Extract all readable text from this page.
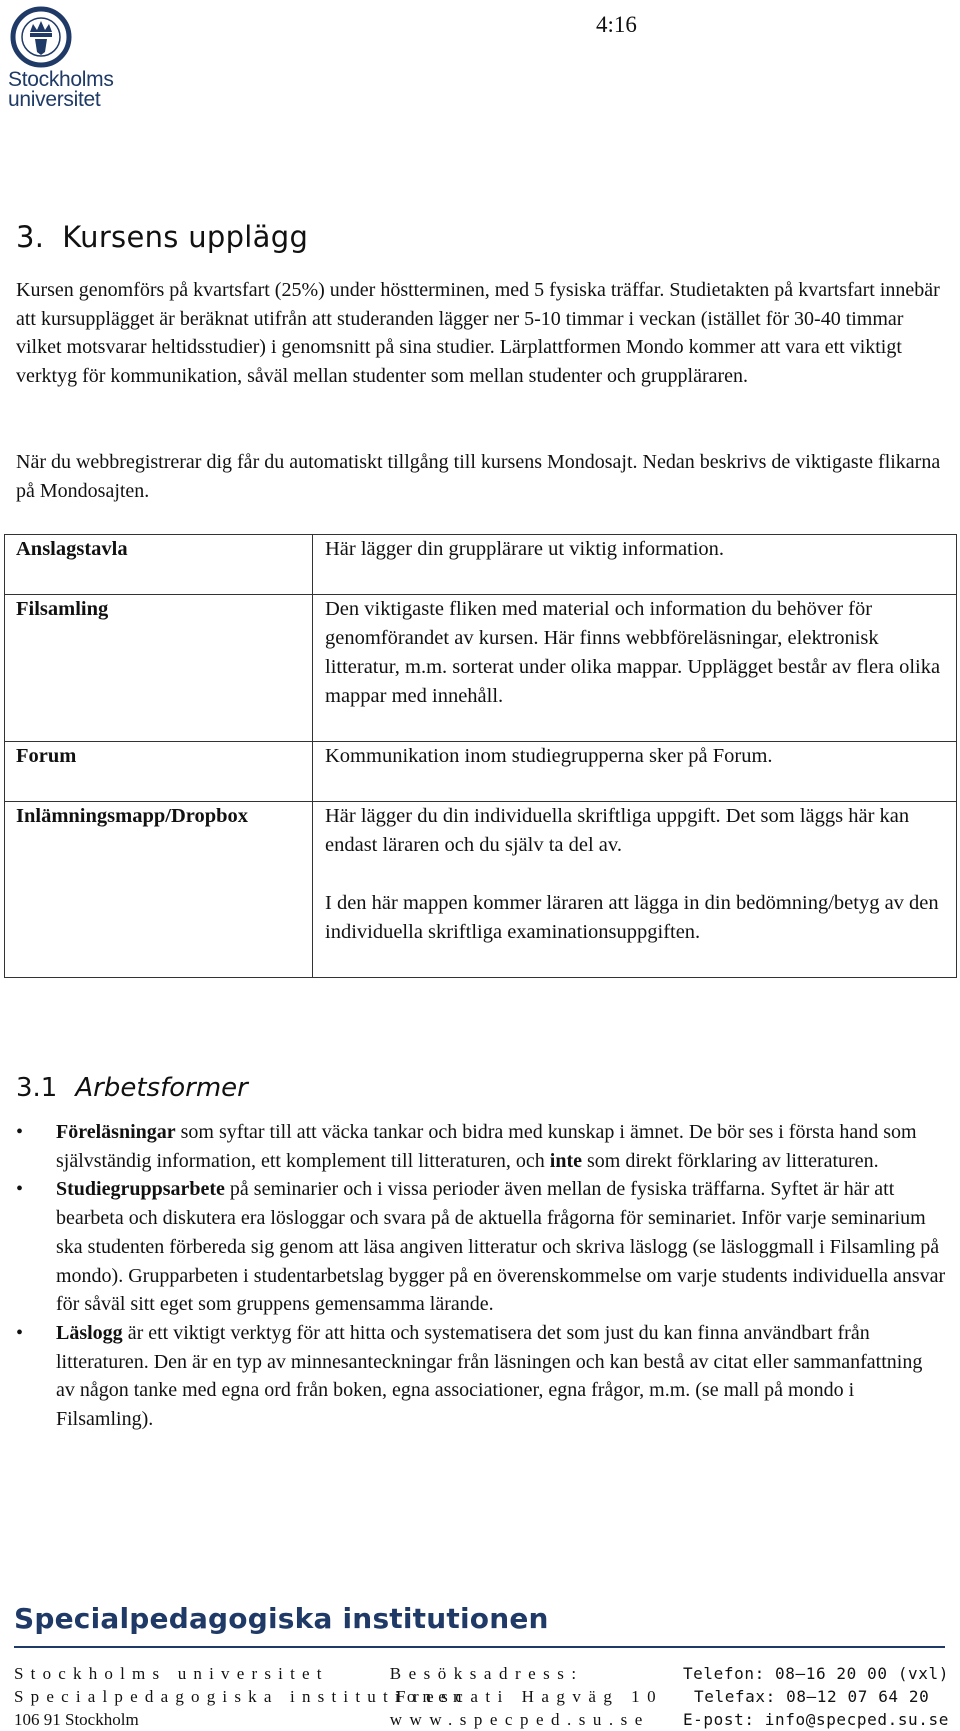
Stockholms
universitet
4:16
3. Kursens upplägg

Kursen genomförs på kvartsfart (25%) under höstterminen, med 5 fysiska träffar. Studietakten på kvartsfart innebär att kursupplägget är beräknat utifrån att studeranden lägger ner 5-10 timmar i veckan (istället för 30-40 timmar vilket motsvarar heltidsstudier) i genomsnitt på sina studier. Lärplattformen Mondo kommer att vara ett viktigt verktyg för kommunikation, såväl mellan studenter som mellan studenter och gruppläraren.

När du webbregistrerar dig får du automatiskt tillgång till kursens Mondosajt. Nedan beskrivs de viktigaste flikarna på Mondosajten.

Anslagstavla	Här lägger din grupplärare ut viktig information.

Filsamling	Den viktigaste fliken med material och information du behöver för genomförandet av kursen. Här finns webbföreläsningar, elektronisk litteratur, m.m. sorterat under olika mappar. Upplägget består av flera olika mappar med innehåll.

Forum	Kommunikation inom studiegrupperna sker på Forum.

Inlämningsmapp/Dropbox	Här lägger du din individuella skriftliga uppgift. Det som läggs här kan endast läraren och du själv ta del av.
I den här mappen kommer läraren att lägga in din bedömning/betyg av den individuella skriftliga examinationsuppgiften.
3.1 Arbetsformer
• Föreläsningar som syftar till att väcka tankar och bidra med kunskap i ämnet. De bör ses i första hand som självständig information, ett komplement till litteraturen, och inte som direkt förklaring av litteraturen.
• Studiegruppsarbete på seminarier och i vissa perioder även mellan de fysiska träffarna. Syftet är här att bearbeta och diskutera era lösloggar och svara på de aktuella frågorna för seminariet. Inför varje seminarium ska studenten förbereda sig genom att läsa angiven litteratur och skriva läslogg (se läsloggmall i Filsamling på mondo). Grupparbeten i studentarbetslag bygger på en överenskommelse om varje students individuella ansvar för såväl sitt eget som gruppens gemensamma lärande.
• Läslogg är ett viktigt verktyg för att hitta och systematisera det som just du kan finna användbart från litteraturen. Den är en typ av minnesanteckningar från läsningen och kan bestå av citat eller sammanfattning av någon tanke med egna ord från boken, egna associationer, egna frågor, m.m. (se mall på mondo i Filsamling).
Specialpedagogiska institutionen
Stockholms universitet	Besöksadress:	Telefon: 08–16 20 00 (vxl)
Specialpedagogiska institutionen
Frescati Hagväg 10	Telefax: 08–12 07 64 20
106 91 Stockholm	www.specped.su.se	E-post: info@specped.su.se
